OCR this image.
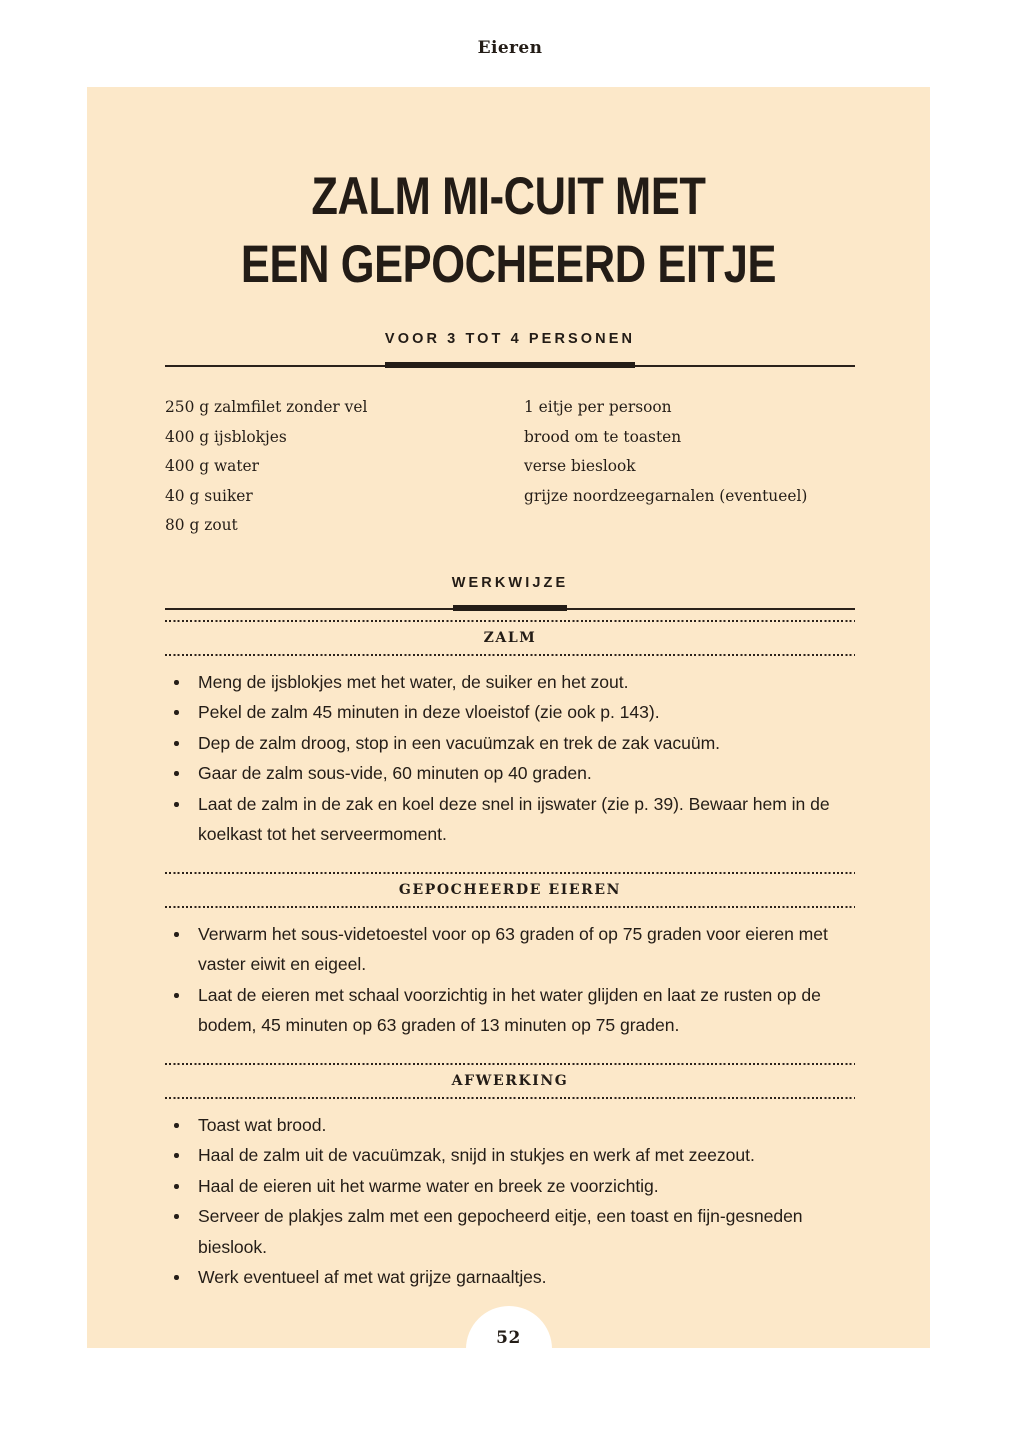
Eieren
ZALM MI-CUIT MET
EEN GEPOCHEERD EITJE
VOOR 3 TOT 4 PERSONEN
250 g zalmfilet zonder vel
400 g ijsblokjes
400 g water
40 g suiker
80 g zout
1 eitje per persoon
brood om te toasten
verse bieslook
grijze noordzeegarnalen (eventueel)
WERKWIJZE
ZALM
Meng de ijsblokjes met het water, de suiker en het zout.
Pekel de zalm 45 minuten in deze vloeistof (zie ook p. 143).
Dep de zalm droog, stop in een vacuümzak en trek de zak vacuüm.
Gaar de zalm sous-vide, 60 minuten op 40 graden.
Laat de zalm in de zak en koel deze snel in ijswater (zie p. 39). Bewaar hem in de koelkast tot het serveermoment.
GEPOCHEERDE EIEREN
Verwarm het sous-videtoestel voor op 63 graden of op 75 graden voor eieren met vaster eiwit en eigeel.
Laat de eieren met schaal voorzichtig in het water glijden en laat ze rusten op de bodem, 45 minuten op 63 graden of 13 minuten op 75 graden.
AFWERKING
Toast wat brood.
Haal de zalm uit de vacuümzak, snijd in stukjes en werk af met zeezout.
Haal de eieren uit het warme water en breek ze voorzichtig.
Serveer de plakjes zalm met een gepocheerd eitje, een toast en fijn-gesneden bieslook.
Werk eventueel af met wat grijze garnaaltjes.
52
